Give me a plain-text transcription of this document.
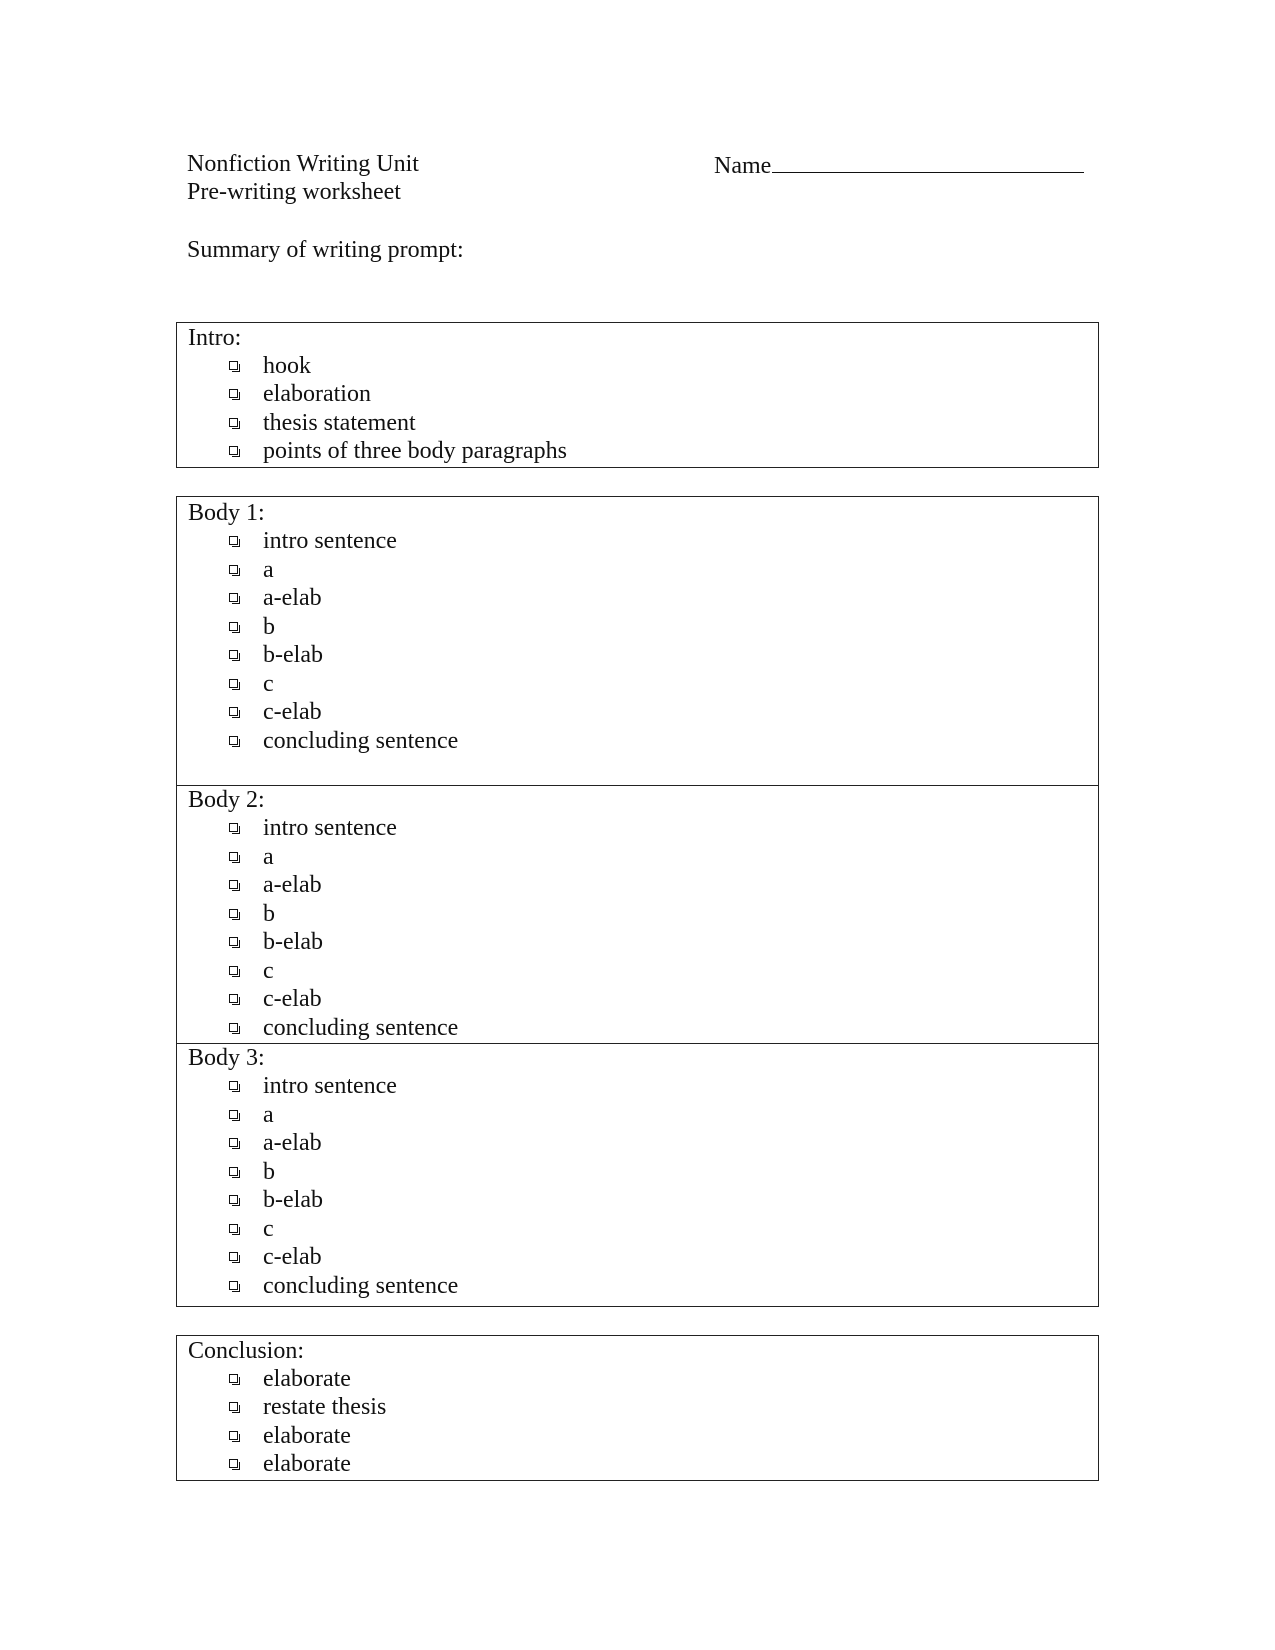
Nonfiction Writing Unit
Pre-writing worksheet
Name
Summary of writing prompt:
Intro:
hook
elaboration
thesis statement
points of three body paragraphs
Body 1:
intro sentence
a
a-elab
b
b-elab
c
c-elab
concluding sentence
Body 2:
intro sentence
a
a-elab
b
b-elab
c
c-elab
concluding sentence
Body 3:
intro sentence
a
a-elab
b
b-elab
c
c-elab
concluding sentence
Conclusion:
elaborate
restate thesis
elaborate
elaborate
